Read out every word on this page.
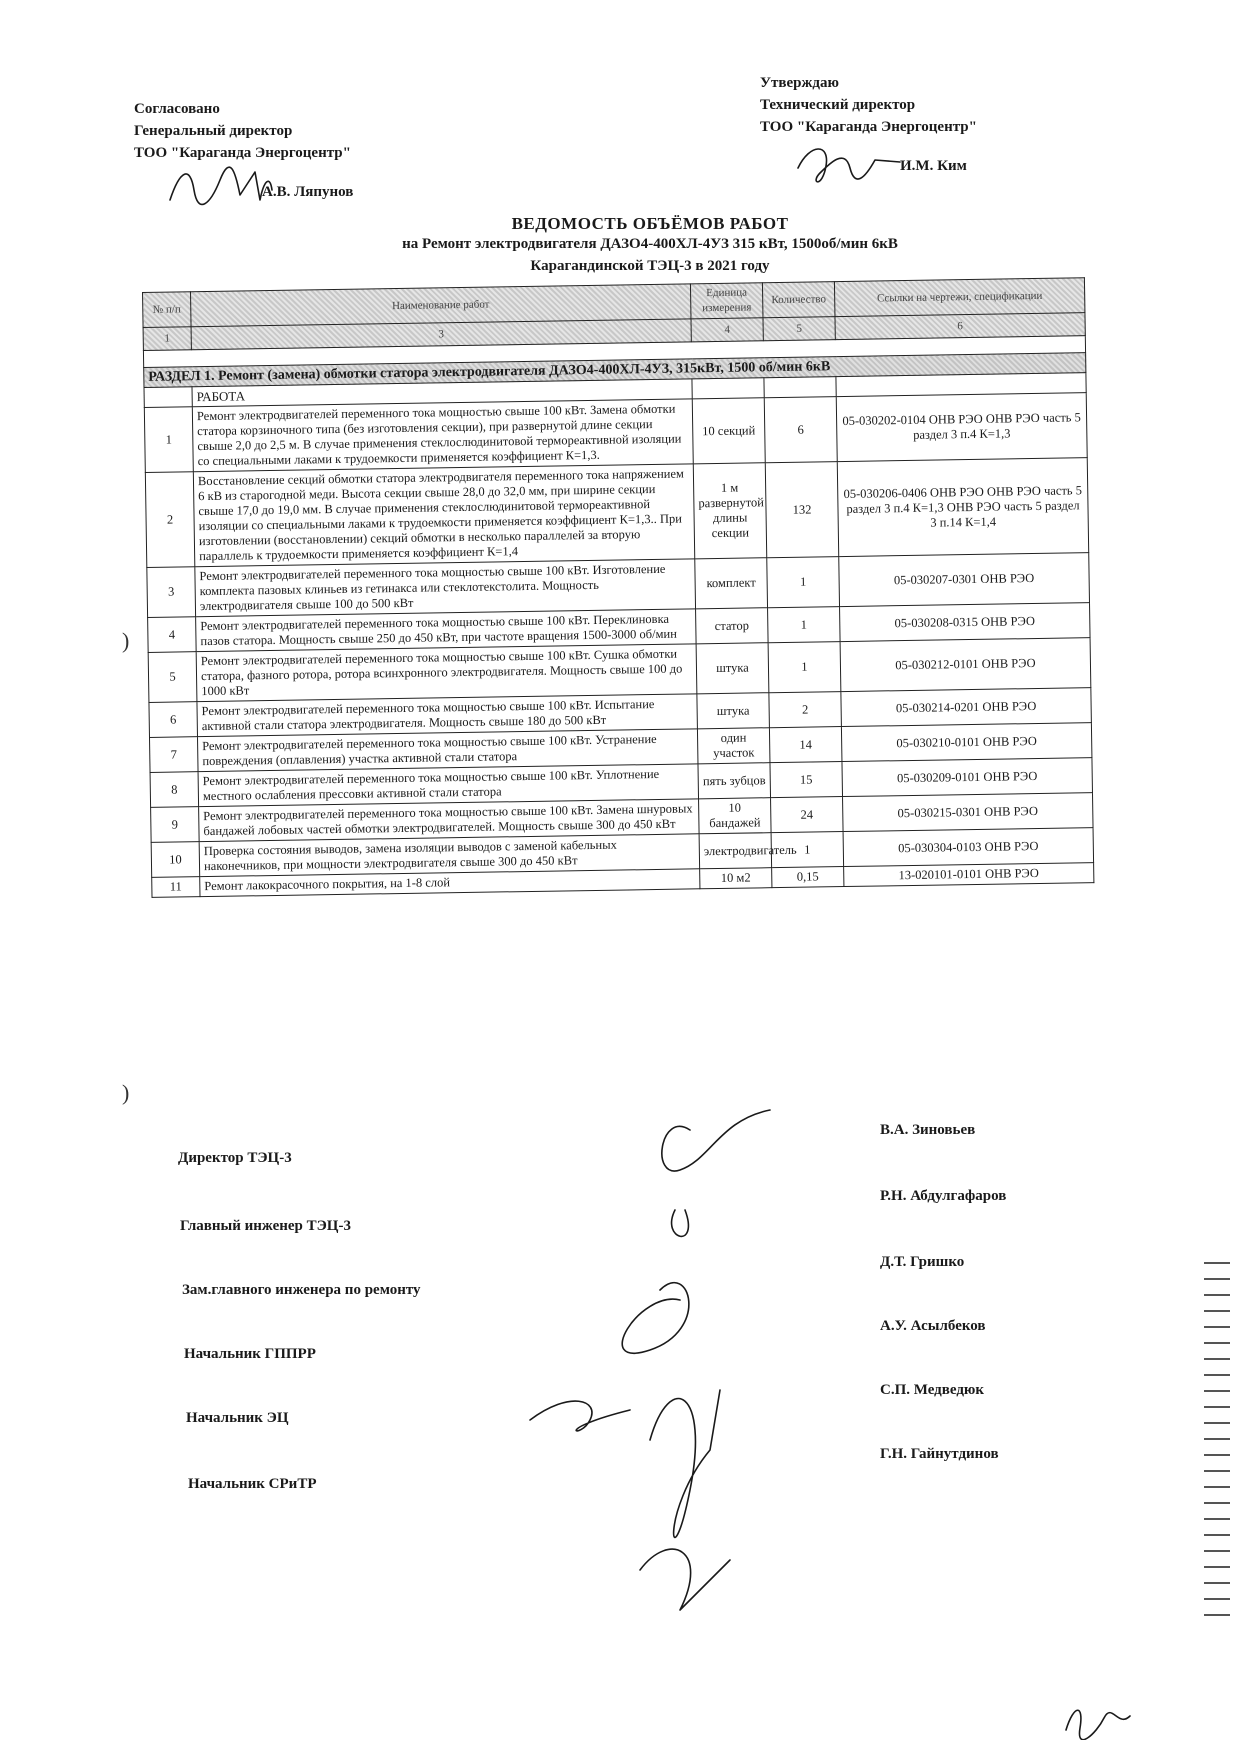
Согласовано
Генеральный директор
ТОО "Караганда Энергоцентр"
А.В. Ляпунов
Утверждаю
Технический директор
ТОО "Караганда Энергоцентр"
И.М. Ким
ВЕДОМОСТЬ ОБЪЁМОВ РАБОТ
на Ремонт электродвигателя ДАЗО4-400ХЛ-4УЗ 315 кВт, 1500об/мин 6кВ
Карагандинской ТЭЦ-3 в 2021 году
№ п/п	Наименование работ	Единица измерения	Количество	Ссылки на чертежи, спецификации
1	3	4	5	6

РАЗДЕЛ 1. Ремонт (замена) обмотки статора электродвигателя ДАЗО4-400ХЛ-4УЗ, 315кВт, 1500 об/мин 6кВ				
	РАБОТА			
1	Ремонт электродвигателей переменного тока мощностью свыше 100 кВт. Замена обмотки статора корзиночного типа (без изготовления секции), при развернутой длине секции свыше 2,0 до 2,5 м. В случае применения стеклослюдинитовой термореактивной изоляции со специальными лаками к трудоемкости применяется коэффициент К=1,3.	10 секций	6	05-030202-0104 ОНВ РЭО ОНВ РЭО часть 5 раздел 3 п.4 К=1,3
2	Восстановление секций обмотки статора электродвигателя переменного тока напряжением 6 кВ из старогодной меди. Высота секции свыше 28,0 до 32,0 мм, при ширине секции свыше 17,0 до 19,0 мм. В случае применения стеклослюдинитовой термореактивной изоляции со специальными лаками к трудоемкости применяется коэффициент К=1,3.. При изготовлении (восстановлении) секций обмотки в несколько параллелей за вторую параллель к трудоемкости применяется коэффициент К=1,4	1 м развернутой длины секции	132	05-030206-0406 ОНВ РЭО ОНВ РЭО часть 5 раздел 3 п.4 К=1,3 ОНВ РЭО часть 5 раздел 3 п.14 К=1,4
3	Ремонт электродвигателей переменного тока мощностью свыше 100 кВт. Изготовление комплекта пазовых клиньев из гетинакса или стеклотекстолита. Мощность электродвигателя свыше 100 до 500 кВт	комплект	1	05-030207-0301 ОНВ РЭО
4	Ремонт электродвигателей переменного тока мощностью свыше 100 кВт. Переклиновка пазов статора. Мощность свыше 250 до 450 кВт, при частоте вращения 1500-3000 об/мин	статор	1	05-030208-0315 ОНВ РЭО
5	Ремонт электродвигателей переменного тока мощностью свыше 100 кВт. Сушка обмотки статора, фазного ротора, ротора всинхронного электродвигателя. Мощность свыше 100 до 1000 кВт	штука	1	05-030212-0101 ОНВ РЭО
6	Ремонт электродвигателей переменного тока мощностью свыше 100 кВт. Испытание активной стали статора электродвигателя. Мощность свыше 180 до 500 кВт	штука	2	05-030214-0201 ОНВ РЭО
7	Ремонт электродвигателей переменного тока мощностью свыше 100 кВт. Устранение повреждения (оплавления) участка активной стали статора	один участок	14	05-030210-0101 ОНВ РЭО
8	Ремонт электродвигателей переменного тока мощностью свыше 100 кВт. Уплотнение местного ослабления прессовки активной стали статора	пять зубцов	15	05-030209-0101 ОНВ РЭО
9	Ремонт электродвигателей переменного тока мощностью свыше 100 кВт. Замена шнуровых бандажей лобовых частей обмотки электродвигателей. Мощность свыше 300 до 450 кВт	10 бандажей	24	05-030215-0301 ОНВ РЭО
10	Проверка состояния выводов, замена изоляции выводов с заменой кабельных наконечников, при мощности электродвигателя свыше 300 до 450 кВт	электродвигатель	1	05-030304-0103 ОНВ РЭО
11	Ремонт лакокрасочного покрытия, на 1-8 слой	10 м2	0,15	13-020101-0101 ОНВ РЭО
Директор ТЭЦ-3
В.А. Зиновьев
Главный инженер ТЭЦ-3
Р.Н. Абдулгафаров
Зам.главного инженера по ремонту
Д.Т. Гришко
Начальник ГППРР
А.У. Асылбеков
Начальник ЭЦ
С.П. Медведюк
Начальник СРиТР
Г.Н. Гайнутдинов
)
)
